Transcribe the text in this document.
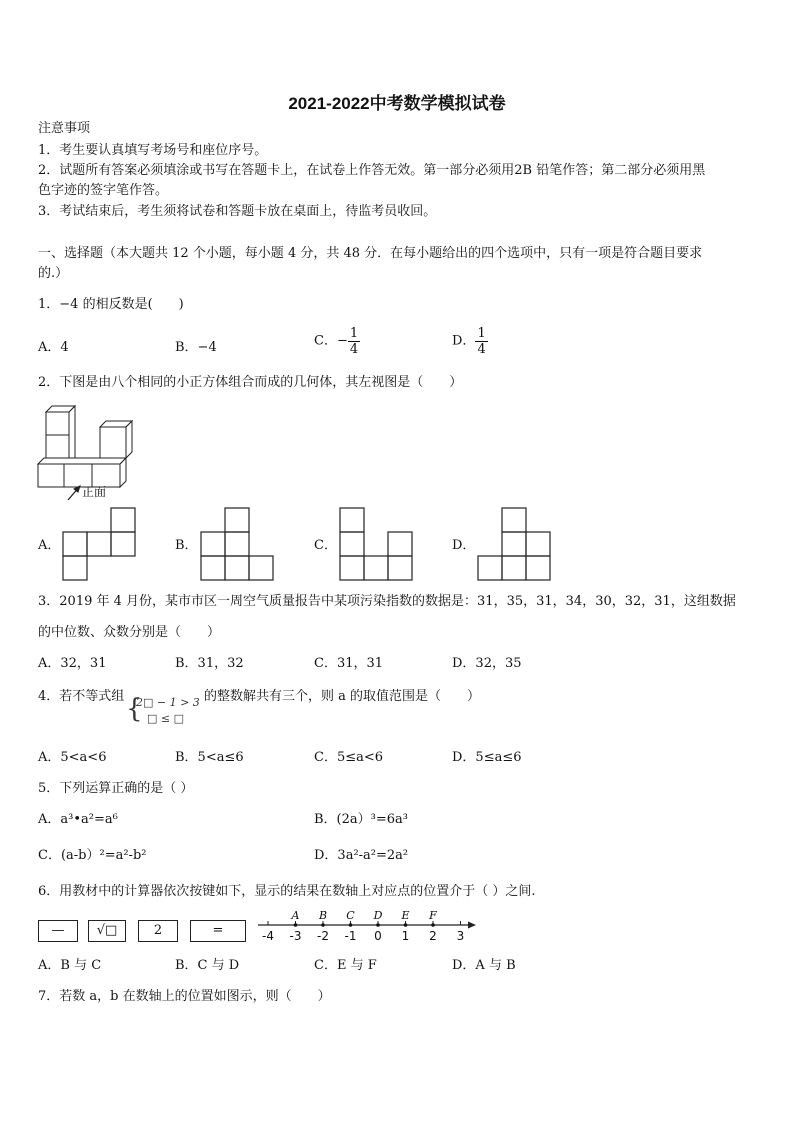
2021-2022中考数学模拟试卷
注意事项
1．考生要认真填写考场号和座位序号。
2．试题所有答案必须填涂或书写在答题卡上，在试卷上作答无效。第一部分必须用2B 铅笔作答；第二部分必须用黑
色字迹的签字笔作答。
3．考试结束后，考生须将试卷和答题卡放在桌面上，待监考员收回。
一、选择题（本大题共 12 个小题，每小题 4 分，共 48 分．在每小题给出的四个选项中，只有一项是符合题目要求
的.）
1．−4 的相反数是(　　)
A．4	B．−4	C．− $\frac{1}{4}$	D． $\frac{1}{4}$
2．下图是由八个相同的小正方体组合而成的几何体，其左视图是（　　）
正面
A．	B．	C．	D．
3．2019 年 4 月份，某市市区一周空气质量报告中某项污染指数的数据是：31，35，31，34，30，32，31，这组数据
的中位数、众数分别是（　　）
A．32，31	B．31，32	C．31，31	D．32，35
4．若不等式组 {
2□ − 1 > 3
□ ≤ □
的整数解共有三个，则 a 的取值范围是（　　）
A．5<a<6	B．5<a≤6	C．5≤a<6	D．5≤a≤6
5．下列运算正确的是（ ）
A．a³•a²=a⁶	B．(2a）³=6a³
C．(a-b）²=a²-b²	D．3a²-a²=2a²
6．用教材中的计算器依次按键如下，显示的结果在数轴上对应点的位置介于（ ）之间.
—	√□	2	=	-4 -3 -2 -1 0 1 2 3
A B C D E F
A．B 与 C	B．C 与 D	C．E 与 F	D．A 与 B
7．若数 a，b 在数轴上的位置如图示，则（　　）
